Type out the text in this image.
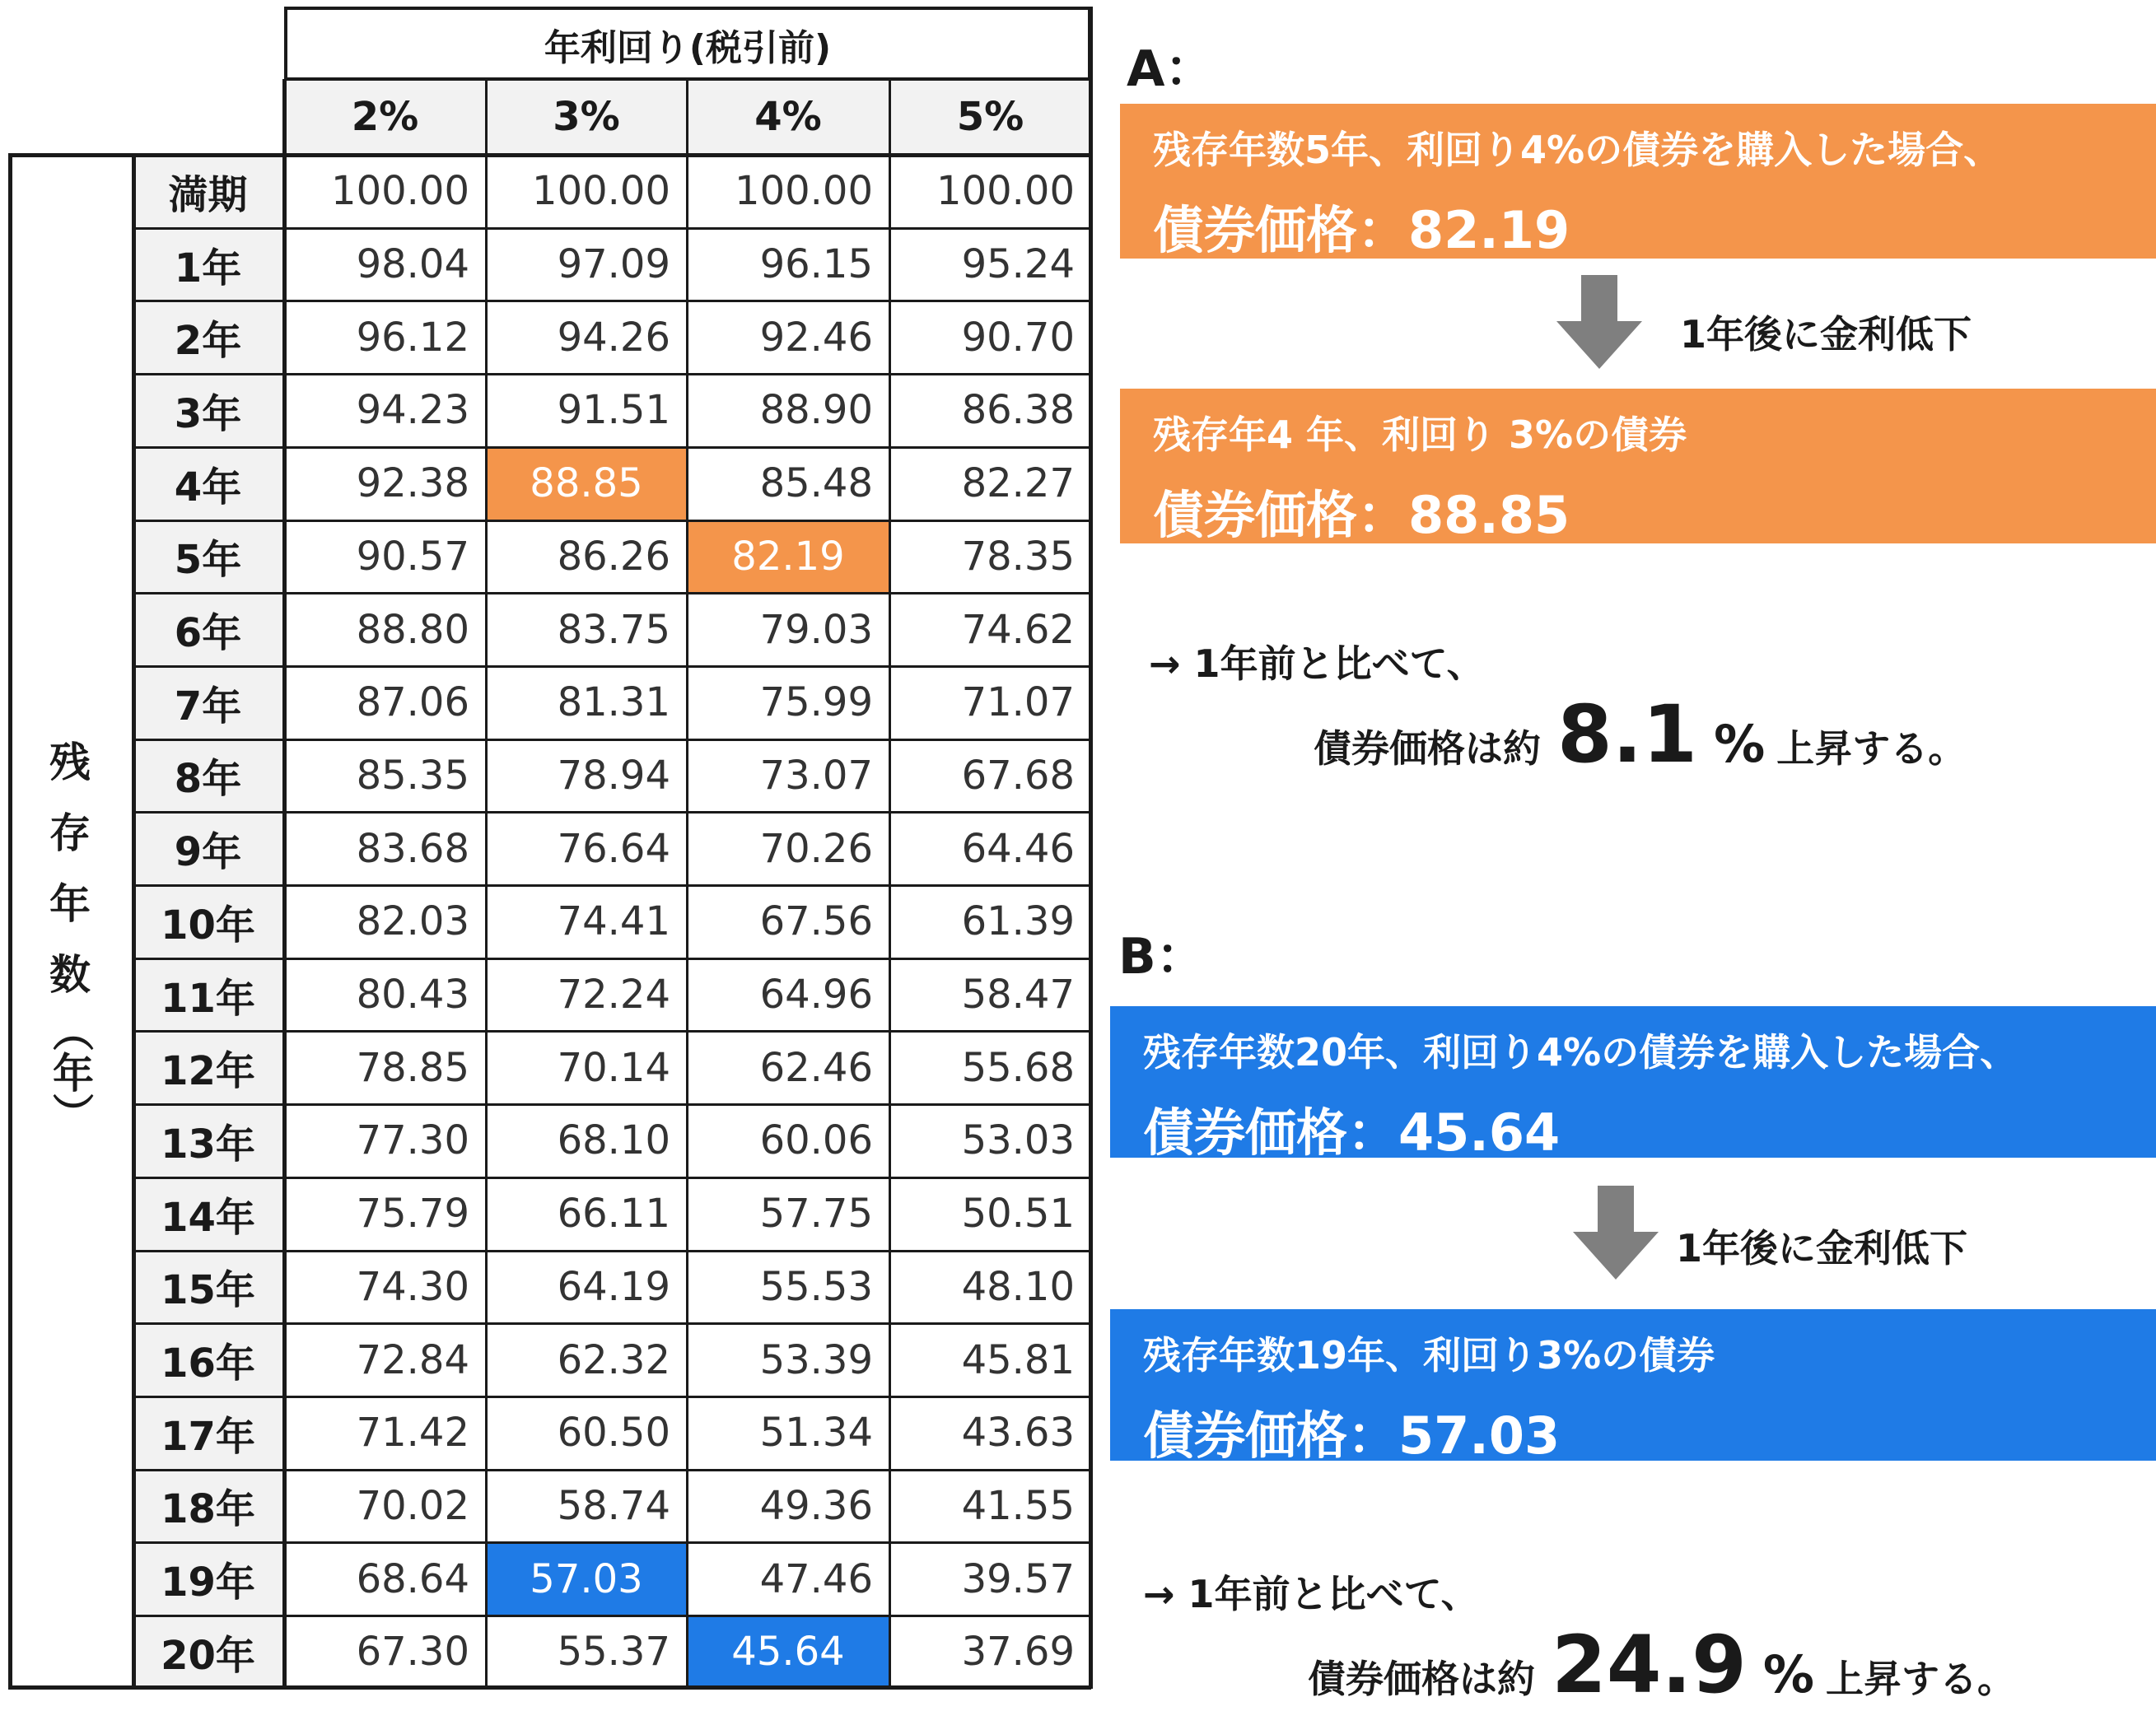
年利回り(税引前)
2%	3%	4%	5%
残
存
年
数
（年）
満期	100.00	100.00	100.00	100.00
1年	98.04	97.09	96.15	95.24
2年	96.12	94.26	92.46	90.70
3年	94.23	91.51	88.90	86.38
4年	92.38	88.85	85.48	82.27
5年	90.57	86.26	82.19	78.35
6年	88.80	83.75	79.03	74.62
7年	87.06	81.31	75.99	71.07
8年	85.35	78.94	73.07	67.68
9年	83.68	76.64	70.26	64.46
10年	82.03	74.41	67.56	61.39
11年	80.43	72.24	64.96	58.47
12年	78.85	70.14	62.46	55.68
13年	77.30	68.10	60.06	53.03
14年	75.79	66.11	57.75	50.51
15年	74.30	64.19	55.53	48.10
16年	72.84	62.32	53.39	45.81
17年	71.42	60.50	51.34	43.63
18年	70.02	58.74	49.36	41.55
19年	68.64	57.03	47.46	39.57
20年	67.30	55.37	45.64	37.69
A：
残存年数5年、利回り4%の債券を購入した場合、
債券価格：82.19
1年後に金利低下
残存年4 年、利回り 3%の債券
債券価格：88.85
→ 1年前と比べて、
債券価格は約 8.1 % 上昇する。
B：
残存年数20年、利回り4%の債券を購入した場合、
債券価格：45.64
1年後に金利低下
残存年数19年、利回り3%の債券
債券価格：57.03
→ 1年前と比べて、
債券価格は約 24.9 % 上昇する。
